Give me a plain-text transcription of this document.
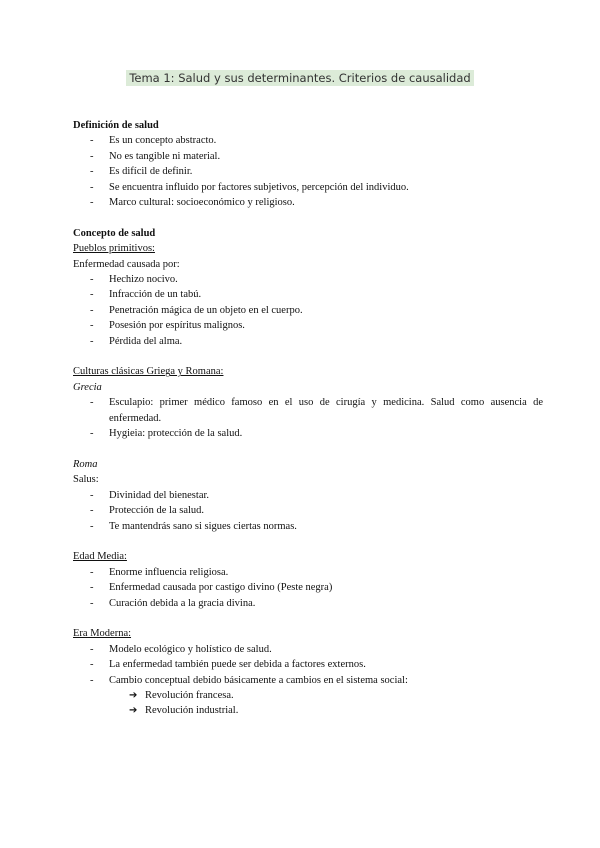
Tema 1: Salud y sus determinantes. Criterios de causalidad

Definición de salud

- Es un concepto abstracto.
- No es tangible ni material.
- Es difícil de definir.
- Se encuentra influido por factores subjetivos, percepción del individuo.
- Marco cultural: socioeconómico y religioso.

Concepto de salud

Pueblos primitivos:

Enfermedad causada por:

- Hechizo nocivo.
- Infracción de un tabú.
- Penetración mágica de un objeto en el cuerpo.
- Posesión por espíritus malignos.
- Pérdida del alma.

Culturas clásicas Griega y Romana:

Grecia

- Esculapio: primer médico famoso en el uso de cirugía y medicina. Salud como ausencia de enfermedad.
- Hygieia: protección de la salud.

Roma

Salus:

- Divinidad del bienestar.
- Protección de la salud.
- Te mantendrás sano si sigues ciertas normas.

Edad Media:

- Enorme influencia religiosa.
- Enfermedad causada por castigo divino (Peste negra)
- Curación debida a la gracia divina.

Era Moderna:

- Modelo ecológico y holístico de salud.
- La enfermedad también puede ser debida a factores externos.
- Cambio conceptual debido básicamente a cambios en el sistema social:
➔ Revolución francesa.
➔ Revolución industrial.
